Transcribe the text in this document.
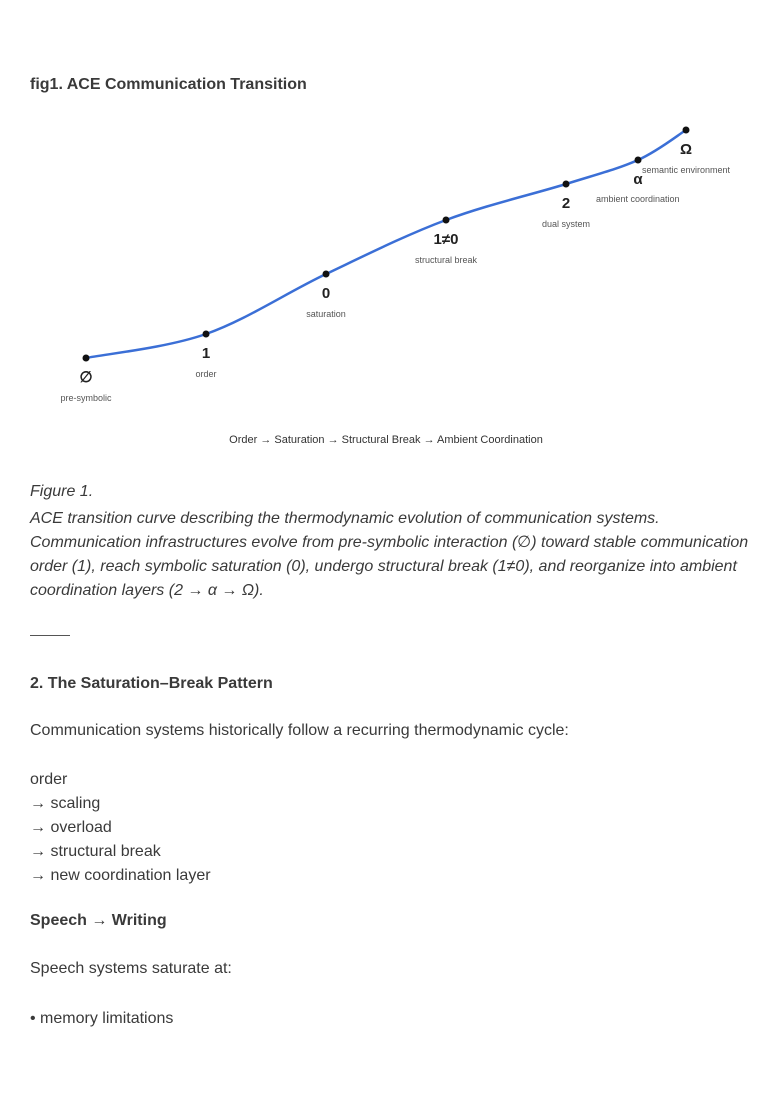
fig1. ACE Communication Transition
∅
pre-symbolic
1
order
0
saturation
1≠0
structural break
2
dual system
α
ambient coordination
Ω
semantic environment
Order → Saturation → Structural Break → Ambient Coordination

Figure 1.

ACE transition curve describing the thermodynamic evolution of communication systems. Communication infrastructures evolve from pre-symbolic interaction (∅) toward stable communication order (1), reach symbolic saturation (0), undergo structural break (1≠0), and reorganize into ambient coordination layers (2 → α → Ω).

2. The Saturation–Break Pattern

Communication systems historically follow a recurring thermodynamic cycle:

order
→ scaling
→ overload
→ structural break
→ new coordination layer
Speech → Writing

Speech systems saturate at:

• memory limitations
